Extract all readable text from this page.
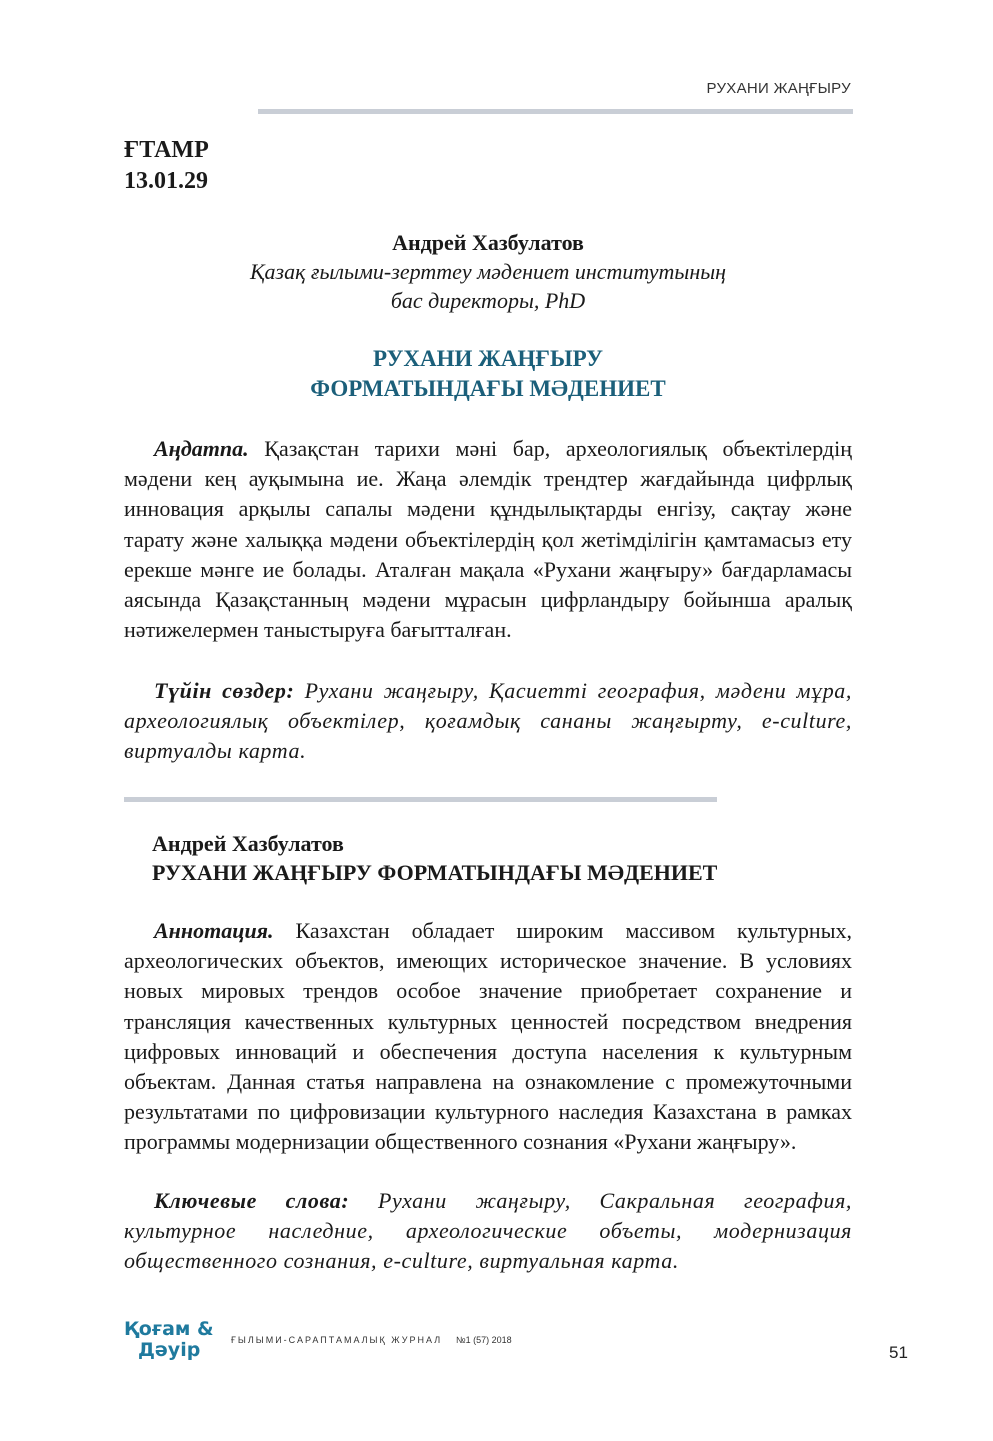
РУХАНИ ЖАҢҒЫРУ
ҒТАМР
13.01.29
Андрей Хазбулатов
Қазақ ғылыми-зерттеу мәдениет институтының
бас директоры, PhD
РУХАНИ ЖАҢҒЫРУ
ФОРМАТЫНДАҒЫ МӘДЕНИЕТ

Аңдатпа. Қазақстан тарихи мәні бар, археологиялық объектілердің мәдени кең ауқымына ие. Жаңа әлемдік трендтер жағдайында цифрлық инновация арқылы сапалы мәдени құндылықтарды енгізу, сақтау және тарату және халыққа мәдени объектілердің қол жетімділігін қамтамасыз ету ерекше мәнге ие болады. Аталған мақала «Рухани жаңғыру» бағдарламасы аясында Қазақстанның мәдени мұрасын цифрландыру бойынша аралық нәтижелермен таныстыруға бағытталған.

Түйін сөздер: Рухани жаңғыру, Қасиетті география, мәдени мұра, археологиялық объектілер, қоғамдық сананы жаңғырту, e-culture, виртуалды карта.

Андрей Хазбулатов
РУХАНИ ЖАҢҒЫРУ ФОРМАТЫНДАҒЫ МӘДЕНИЕТ

Аннотация. Казахстан обладает широким массивом культурных, археологических объектов, имеющих историческое значение. В условиях новых мировых трендов особое значение приобретает сохранение и трансляция качественных культурных ценностей посредством внедрения цифровых инноваций и обеспечения доступа населения к культурным объектам. Данная статья направлена на ознакомление с промежуточными результатами по цифровизации культурного наследия Казахстана в рамках программы модернизации общественного сознания «Рухани жаңғыру».

Ключевые слова: Рухани жаңғыру, Сакральная география, культурное наследние, археологические объеты, модернизация общественного сознания, e-culture, виртуальная карта.

Қоғам &
Дәуір	ҒЫЛЫМИ-САРАПТАМАЛЫҚ ЖУРНАЛ №1 (57) 2018
51
